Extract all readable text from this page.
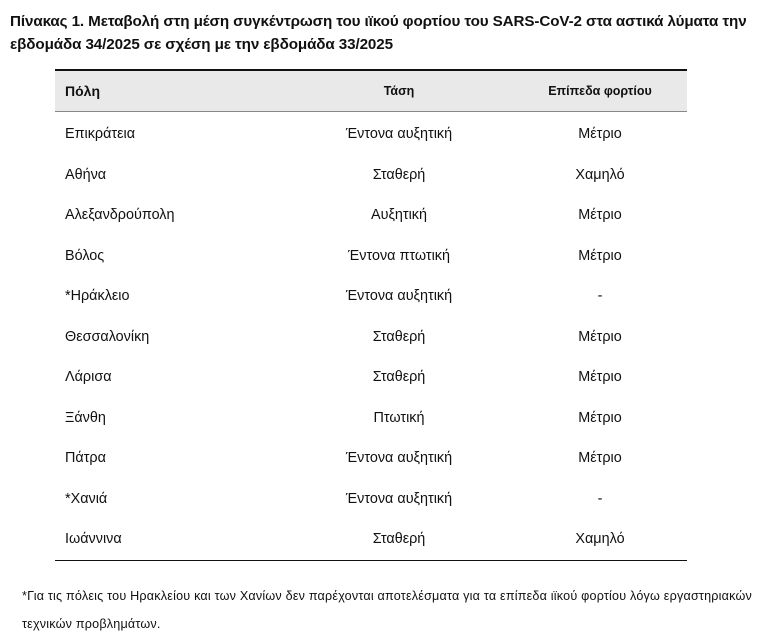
Πίνακας 1. Μεταβολή στη μέση συγκέντρωση του ιϊκού φορτίου του SARS-CoV-2 στα αστικά λύματα την εβδομάδα 34/2025 σε σχέση με την εβδομάδα 33/2025
Πόλη	Τάση	Επίπεδα φορτίου
Επικράτεια	Έντονα αυξητική	Μέτριο
Αθήνα	Σταθερή	Χαμηλό
Αλεξανδρούπολη	Αυξητική	Μέτριο
Βόλος	Έντονα πτωτική	Μέτριο
*Ηράκλειο	Έντονα αυξητική	-
Θεσσαλονίκη	Σταθερή	Μέτριο
Λάρισα	Σταθερή	Μέτριο
Ξάνθη	Πτωτική	Μέτριο
Πάτρα	Έντονα αυξητική	Μέτριο
*Χανιά	Έντονα αυξητική	-
Ιωάννινα	Σταθερή	Χαμηλό
*Για τις πόλεις του Ηρακλείου και των Χανίων δεν παρέχονται αποτελέσματα για τα επίπεδα ιϊκού φορτίου λόγω εργαστηριακών τεχνικών προβλημάτων.
